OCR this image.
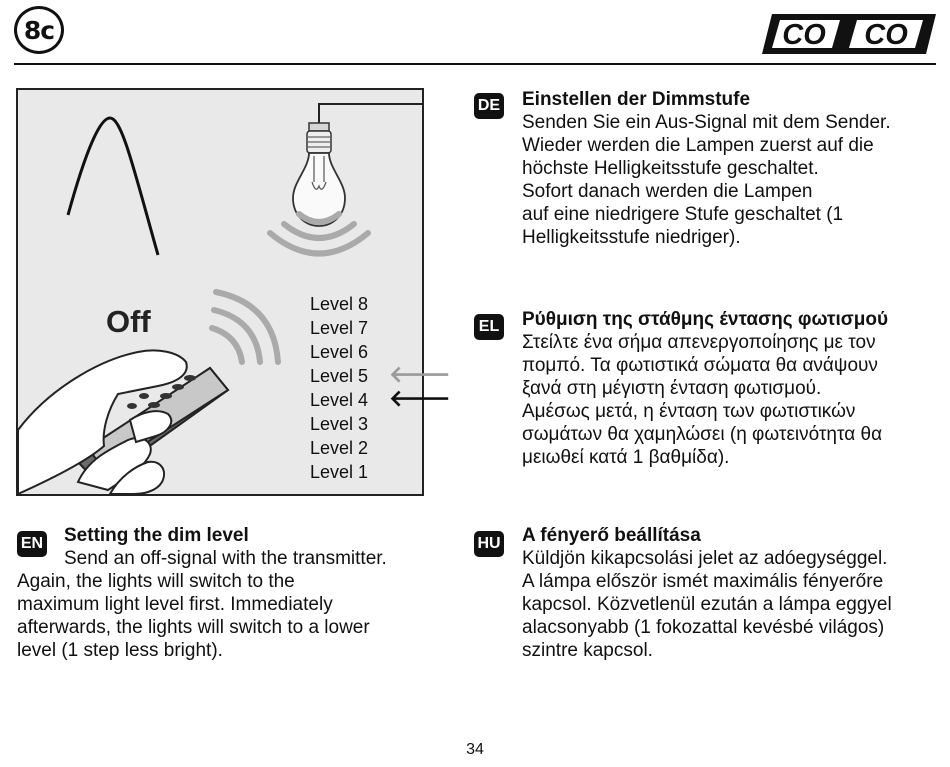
8c	CO CO
Off	Level 8
Level 7
Level 6
Level 5
Level 4
Level 3
Level 2
Level 1
🡐
🡐
DE Einstellen der Dimmstufe
Senden Sie ein Aus-Signal mit dem Sender.
Wieder werden die Lampen zuerst auf die
höchste Helligkeitsstufe geschaltet.
Sofort danach werden die Lampen
auf eine niedrigere Stufe geschaltet (1
Helligkeitsstufe niedriger).
EL Ρύθμιση της στάθμης έντασης φωτισμού
Στείλτε ένα σήμα απενεργοποίησης με τον
πομπό. Τα φωτιστικά σώματα θα ανάψουν
ξανά στη μέγιστη ένταση φωτισμού.
Αμέσως μετά, η ένταση των φωτιστικών
σωμάτων θα χαμηλώσει (η φωτεινότητα θα
μειωθεί κατά 1 βαθμίδα).
EN Setting the dim level
Send an off-signal with the transmitter.
Again, the lights will switch to the
maximum light level first. Immediately
afterwards, the lights will switch to a lower
level (1 step less bright).
HU A fényerő beállítása
Küldjön kikapcsolási jelet az adóegységgel.
A lámpa először ismét maximális fényerőre
kapcsol. Közvetlenül ezután a lámpa eggyel
alacsonyabb (1 fokozattal kevésbé világos)
szintre kapcsol.
34
